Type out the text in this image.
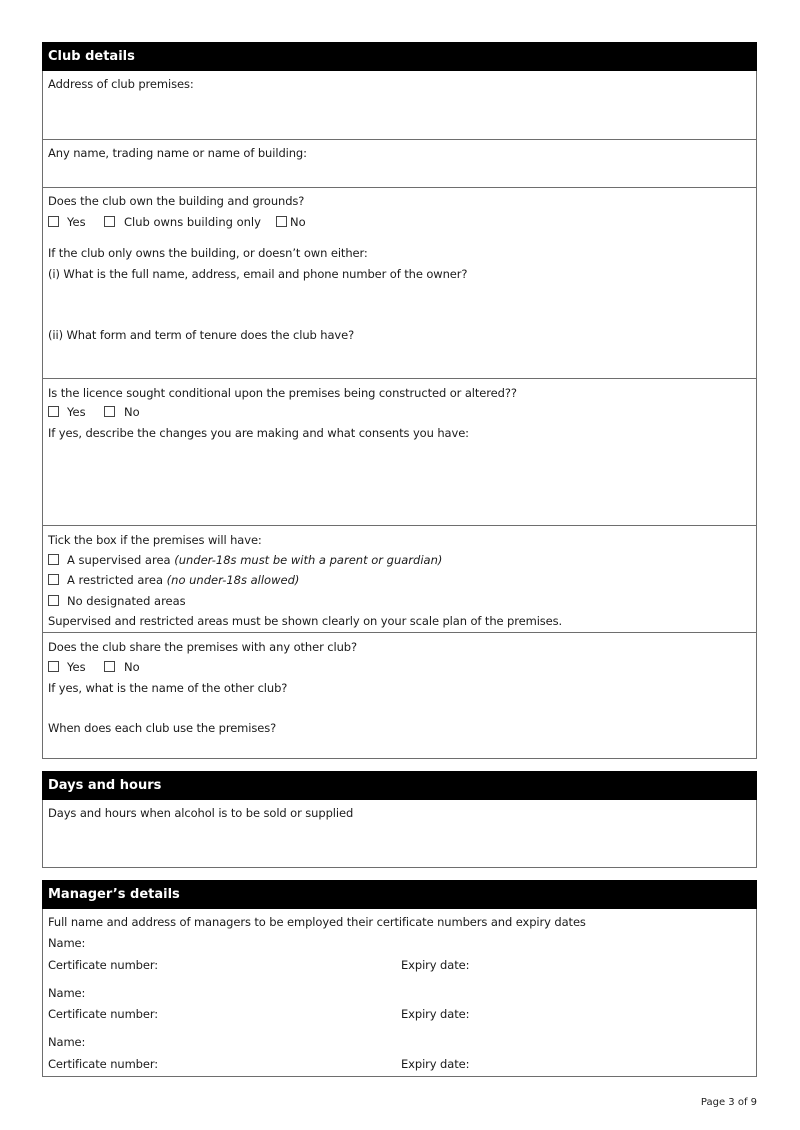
Club details
Address of club premises:
Any name, trading name or name of building:
Does the club own the building and grounds?
Yes	Club owns building only	No
If the club only owns the building, or doesn’t own either:
(i) What is the full name, address, email and phone number of the owner?
(ii) What form and term of tenure does the club have?
Is the licence sought conditional upon the premises being constructed or altered??
Yes	No
If yes, describe the changes you are making and what consents you have:
Tick the box if the premises will have:
A supervised area (under-18s must be with a parent or guardian)
A restricted area (no under-18s allowed)
No designated areas
Supervised and restricted areas must be shown clearly on your scale plan of the premises.
Does the club share the premises with any other club?
Yes	No
If yes, what is the name of the other club?
When does each club use the premises?
Days and hours
Days and hours when alcohol is to be sold or supplied
Manager’s details
Full name and address of managers to be employed their certificate numbers and expiry dates
Name:
Certificate number:	Expiry date:
Name:
Certificate number:	Expiry date:
Name:
Certificate number:	Expiry date:
Page 3 of 9
